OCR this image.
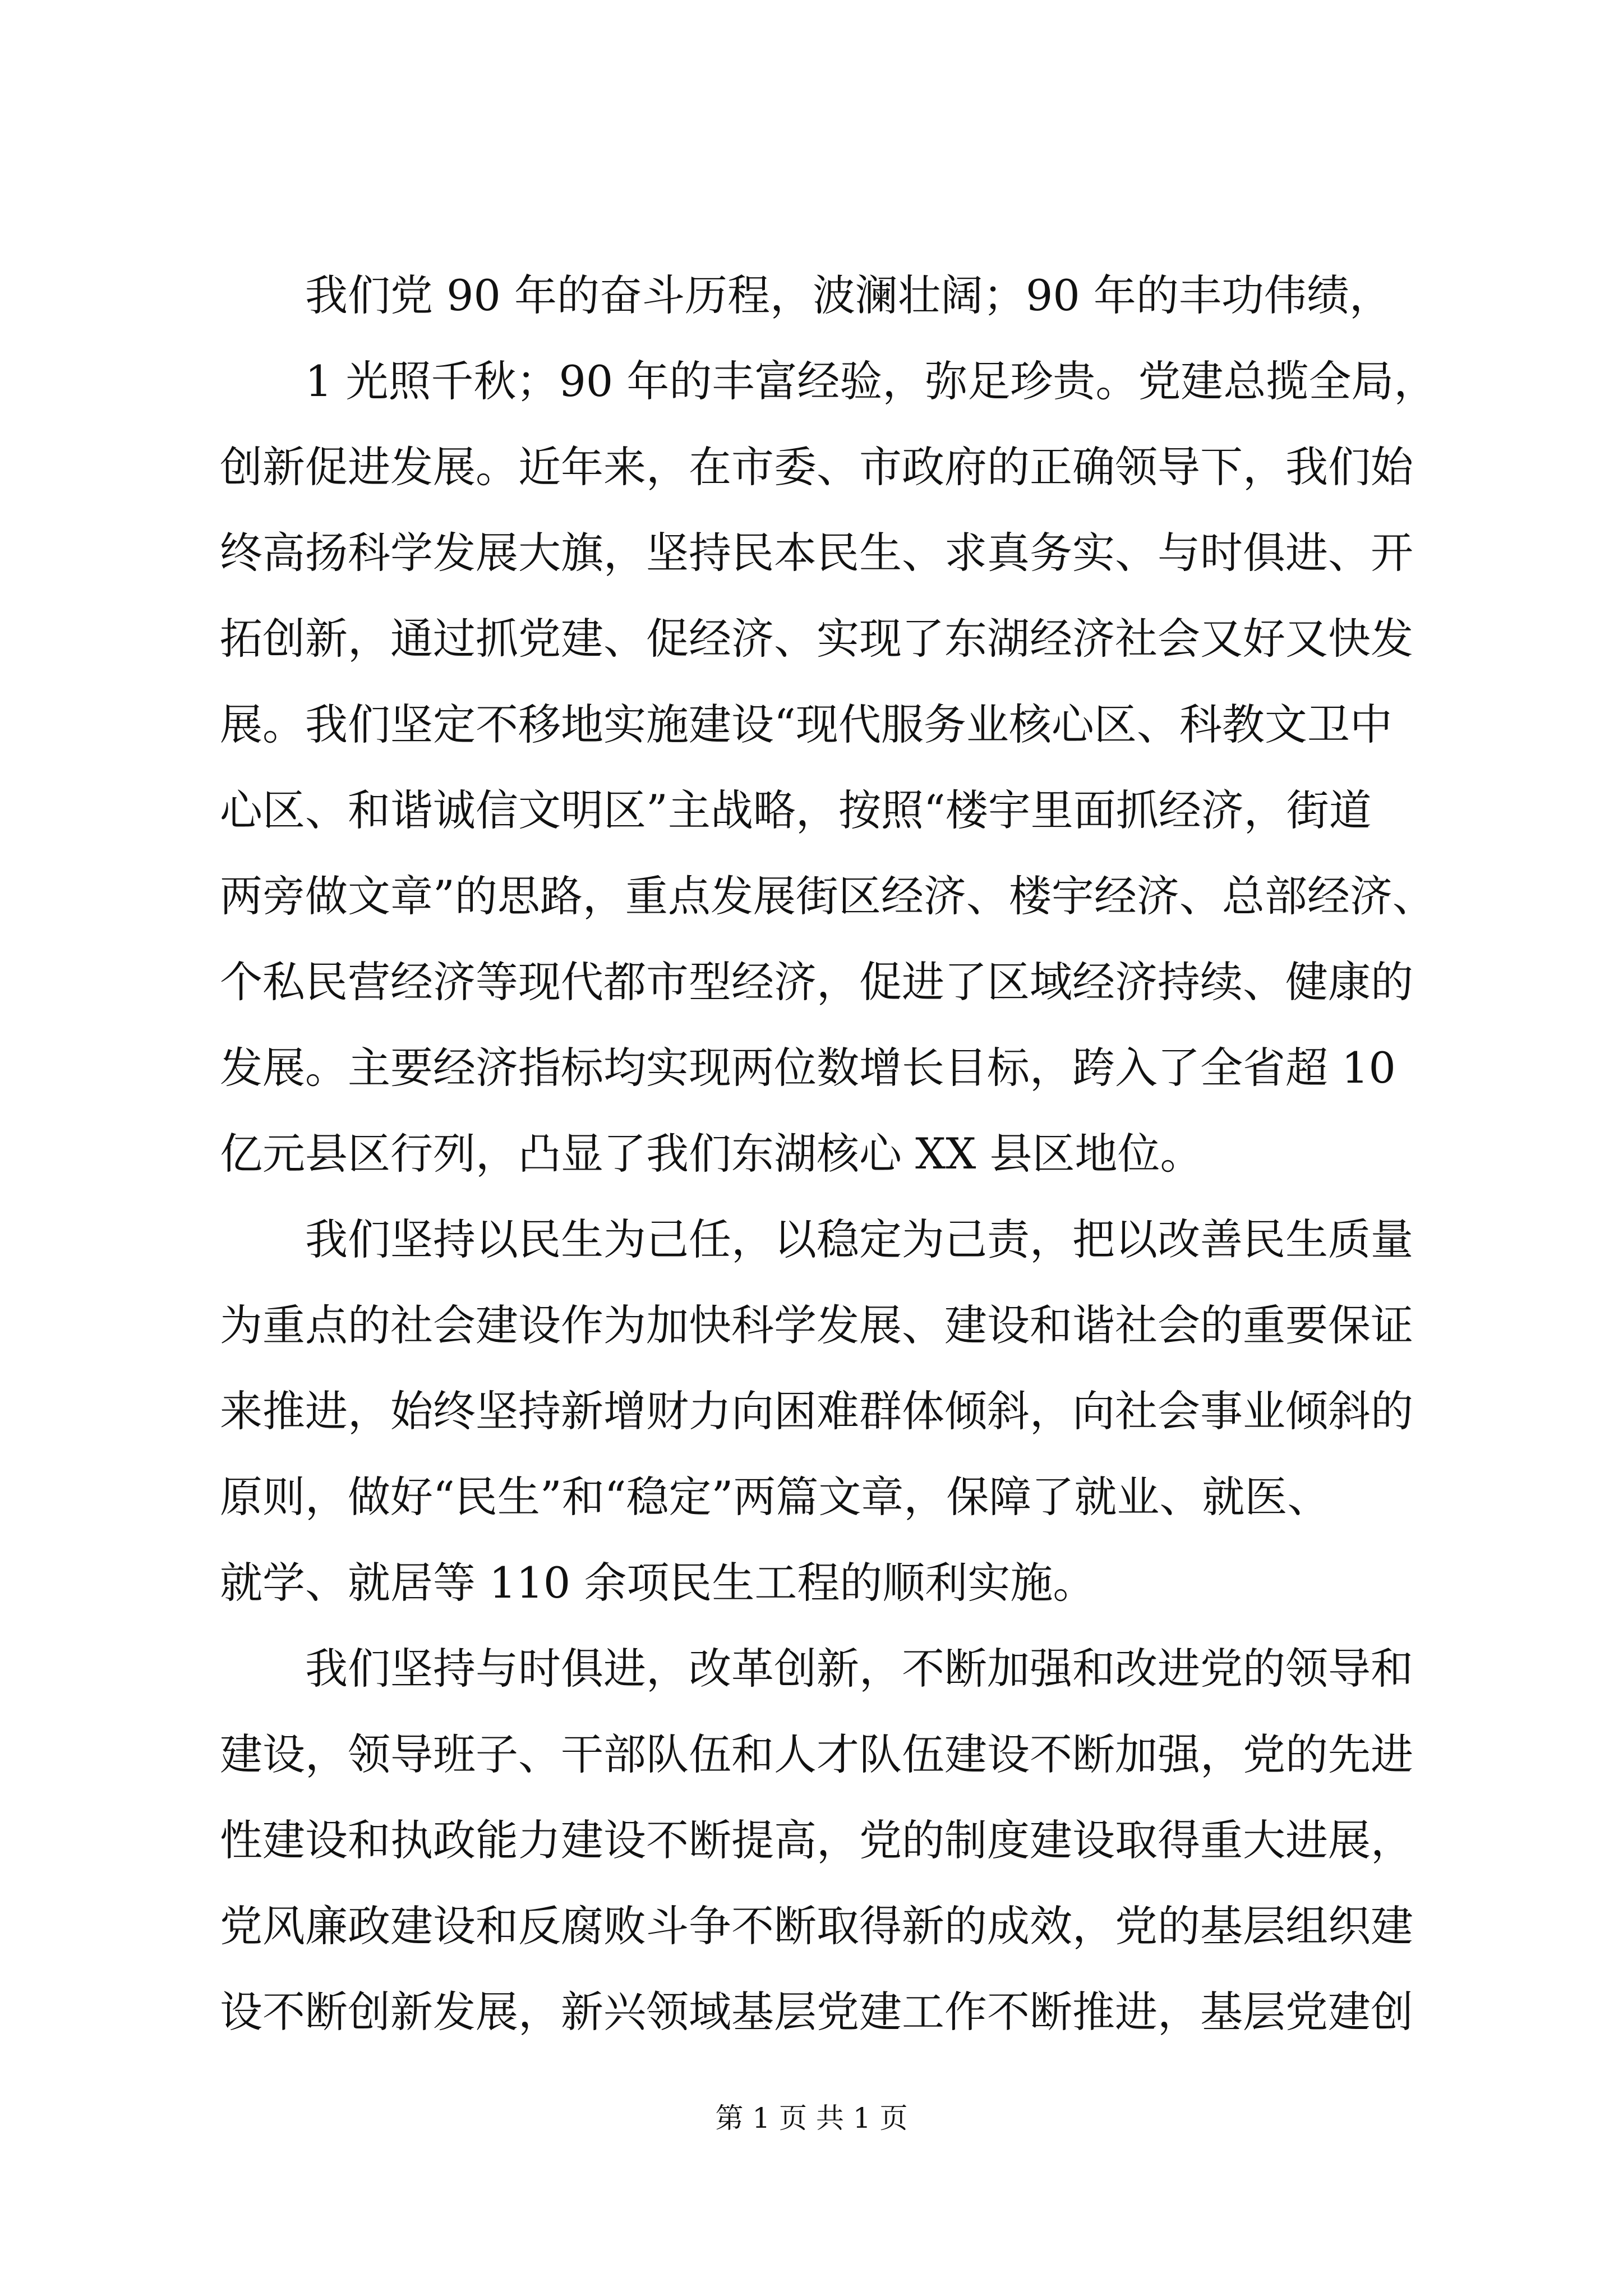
我们党 90 年的奋斗历程，波澜壮阔；90 年的丰功伟绩，

1 光照千秋；90 年的丰富经验，弥足珍贵。党建总揽全局，
创新促进发展。近年来，在市委、市政府的正确领导下，我们始
终高扬科学发展大旗，坚持民本民生、求真务实、与时俱进、开
拓创新，通过抓党建、促经济、实现了东湖经济社会又好又快发
展。我们坚定不移地实施建设“现代服务业核心区、科教文卫中
心区、和谐诚信文明区”主战略，按照“楼宇里面抓经济，街道
两旁做文章”的思路，重点发展街区经济、楼宇经济、总部经济、
个私民营经济等现代都市型经济，促进了区域经济持续、健康的
发展。主要经济指标均实现两位数增长目标，跨入了全省超 10
亿元县区行列，凸显了我们东湖核心 XX 县区地位。

我们坚持以民生为己任，以稳定为己责，把以改善民生质量
为重点的社会建设作为加快科学发展、建设和谐社会的重要保证
来推进，始终坚持新增财力向困难群体倾斜，向社会事业倾斜的
原则，做好“民生”和“稳定”两篇文章，保障了就业、就医、
就学、就居等 110 余项民生工程的顺利实施。

我们坚持与时俱进，改革创新，不断加强和改进党的领导和
建设，领导班子、干部队伍和人才队伍建设不断加强，党的先进
性建设和执政能力建设不断提高，党的制度建设取得重大进展，
党风廉政建设和反腐败斗争不断取得新的成效，党的基层组织建
设不断创新发展，新兴领域基层党建工作不断推进，基层党建创

第 1 页 共 1 页
